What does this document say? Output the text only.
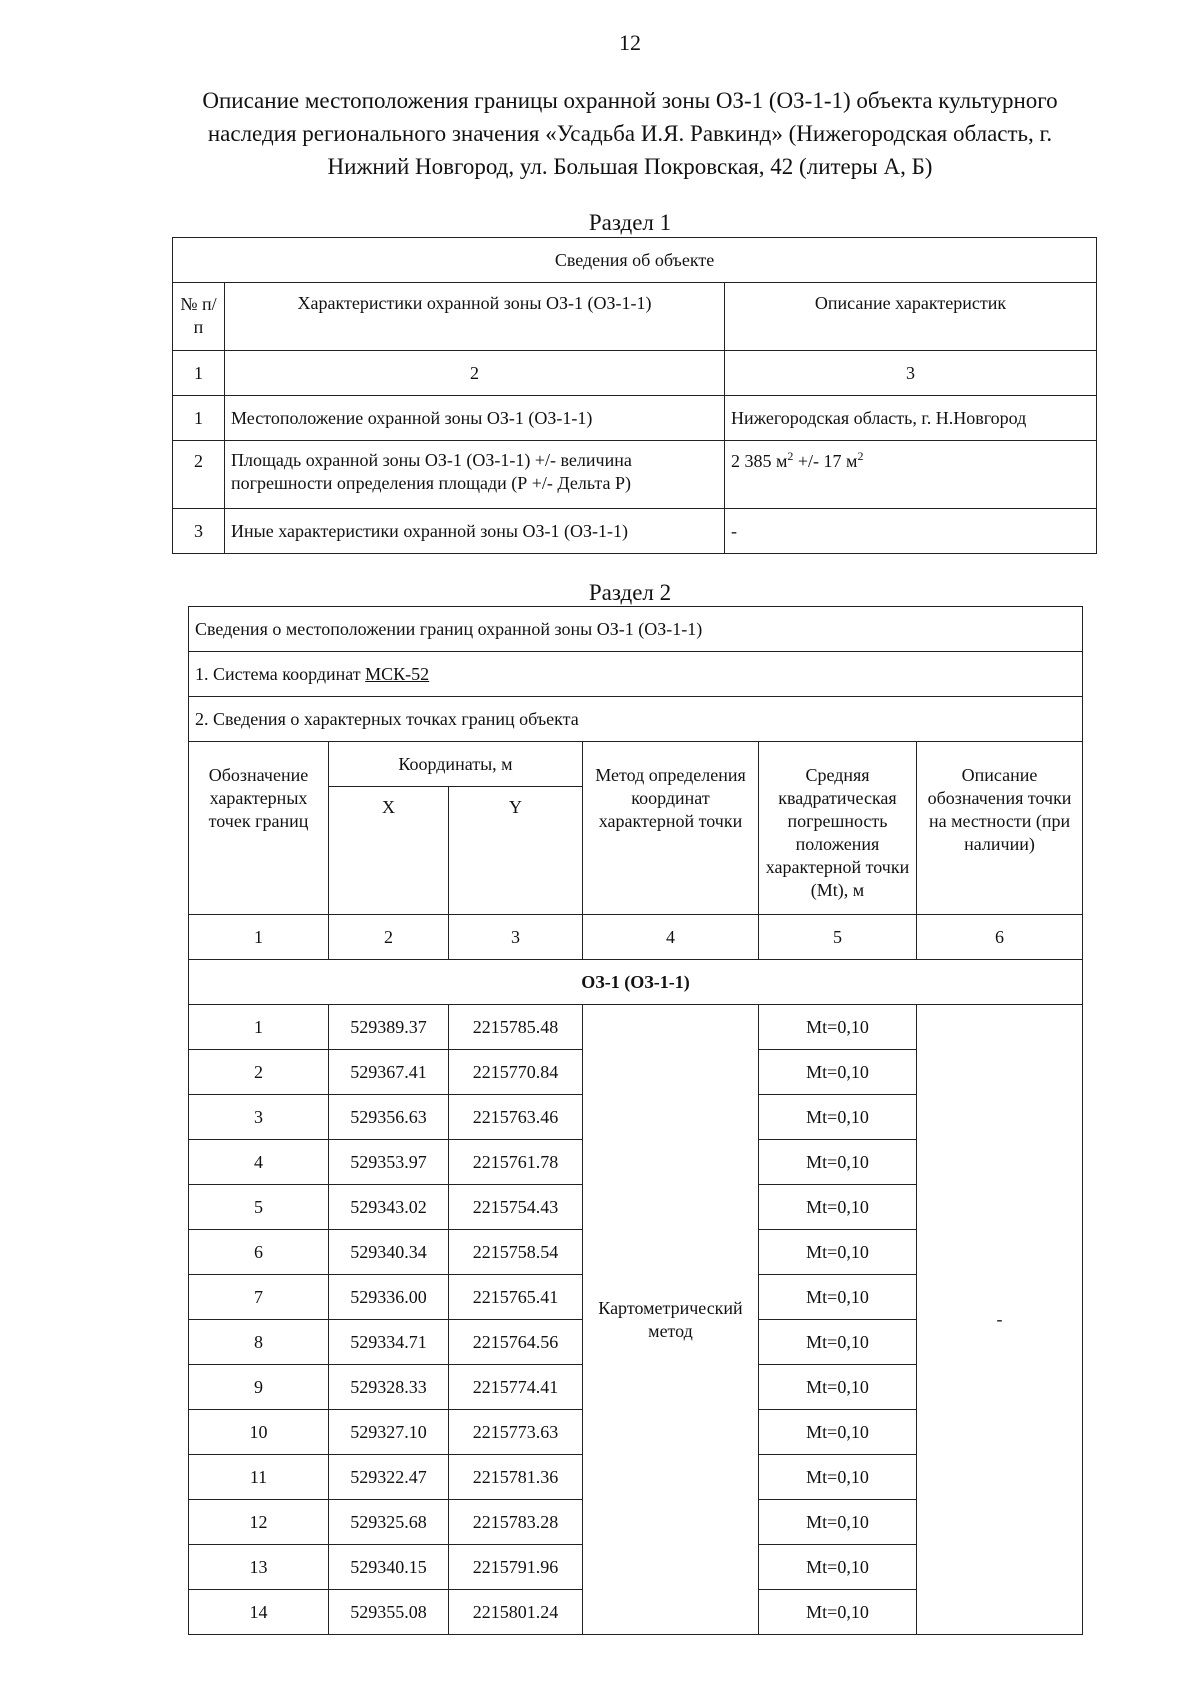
12
Описание местоположения границы охранной зоны ОЗ-1 (ОЗ-1-1) объекта культурного
наследия регионального значения «Усадьба И.Я. Равкинд» (Нижегородская область, г.
Нижний Новгород, ул. Большая Покровская, 42 (литеры А, Б)
Раздел 1
Сведения об объекте		
№ п/п	Характеристики охранной зоны ОЗ-1 (ОЗ-1-1)	Описание характеристик
1	2	3
1	Местоположение охранной зоны ОЗ-1 (ОЗ-1-1)	Нижегородская область, г. Н.Новгород
2	Площадь охранной зоны ОЗ-1 (ОЗ-1-1) +/- величина погрешности определения площади (Р +/- Дельта Р)	2 385 $м^2$ +/- 17 $м^2$
3	Иные характеристики охранной зоны ОЗ-1 (ОЗ-1-1)	-
Раздел 2
Сведения о местоположении границ охранной зоны ОЗ-1 (ОЗ-1-1)					
1. Система координат МСК-52					
2. Сведения о характерных точках границ объекта					
Обозначение характерных точек границ	Координаты, м		Метод определения координат характерной точки	Средняя квадратическая погрешность положения характерной точки (Mt), м	Описание обозначения точки на местности (при наличии)
	X	Y			
1	2	3	4	5	6
ОЗ-1 (ОЗ-1-1)					
1	529389.37	2215785.48	Картометрический метод	Mt=0,10	-
2	529367.41	2215770.84		Mt=0,10	
3	529356.63	2215763.46		Mt=0,10	
4	529353.97	2215761.78		Mt=0,10	
5	529343.02	2215754.43		Mt=0,10	
6	529340.34	2215758.54		Mt=0,10	
7	529336.00	2215765.41		Mt=0,10	
8	529334.71	2215764.56		Mt=0,10	
9	529328.33	2215774.41		Mt=0,10	
10	529327.10	2215773.63		Mt=0,10	
11	529322.47	2215781.36		Mt=0,10	
12	529325.68	2215783.28		Mt=0,10	
13	529340.15	2215791.96		Mt=0,10	
14	529355.08	2215801.24		Mt=0,10	
